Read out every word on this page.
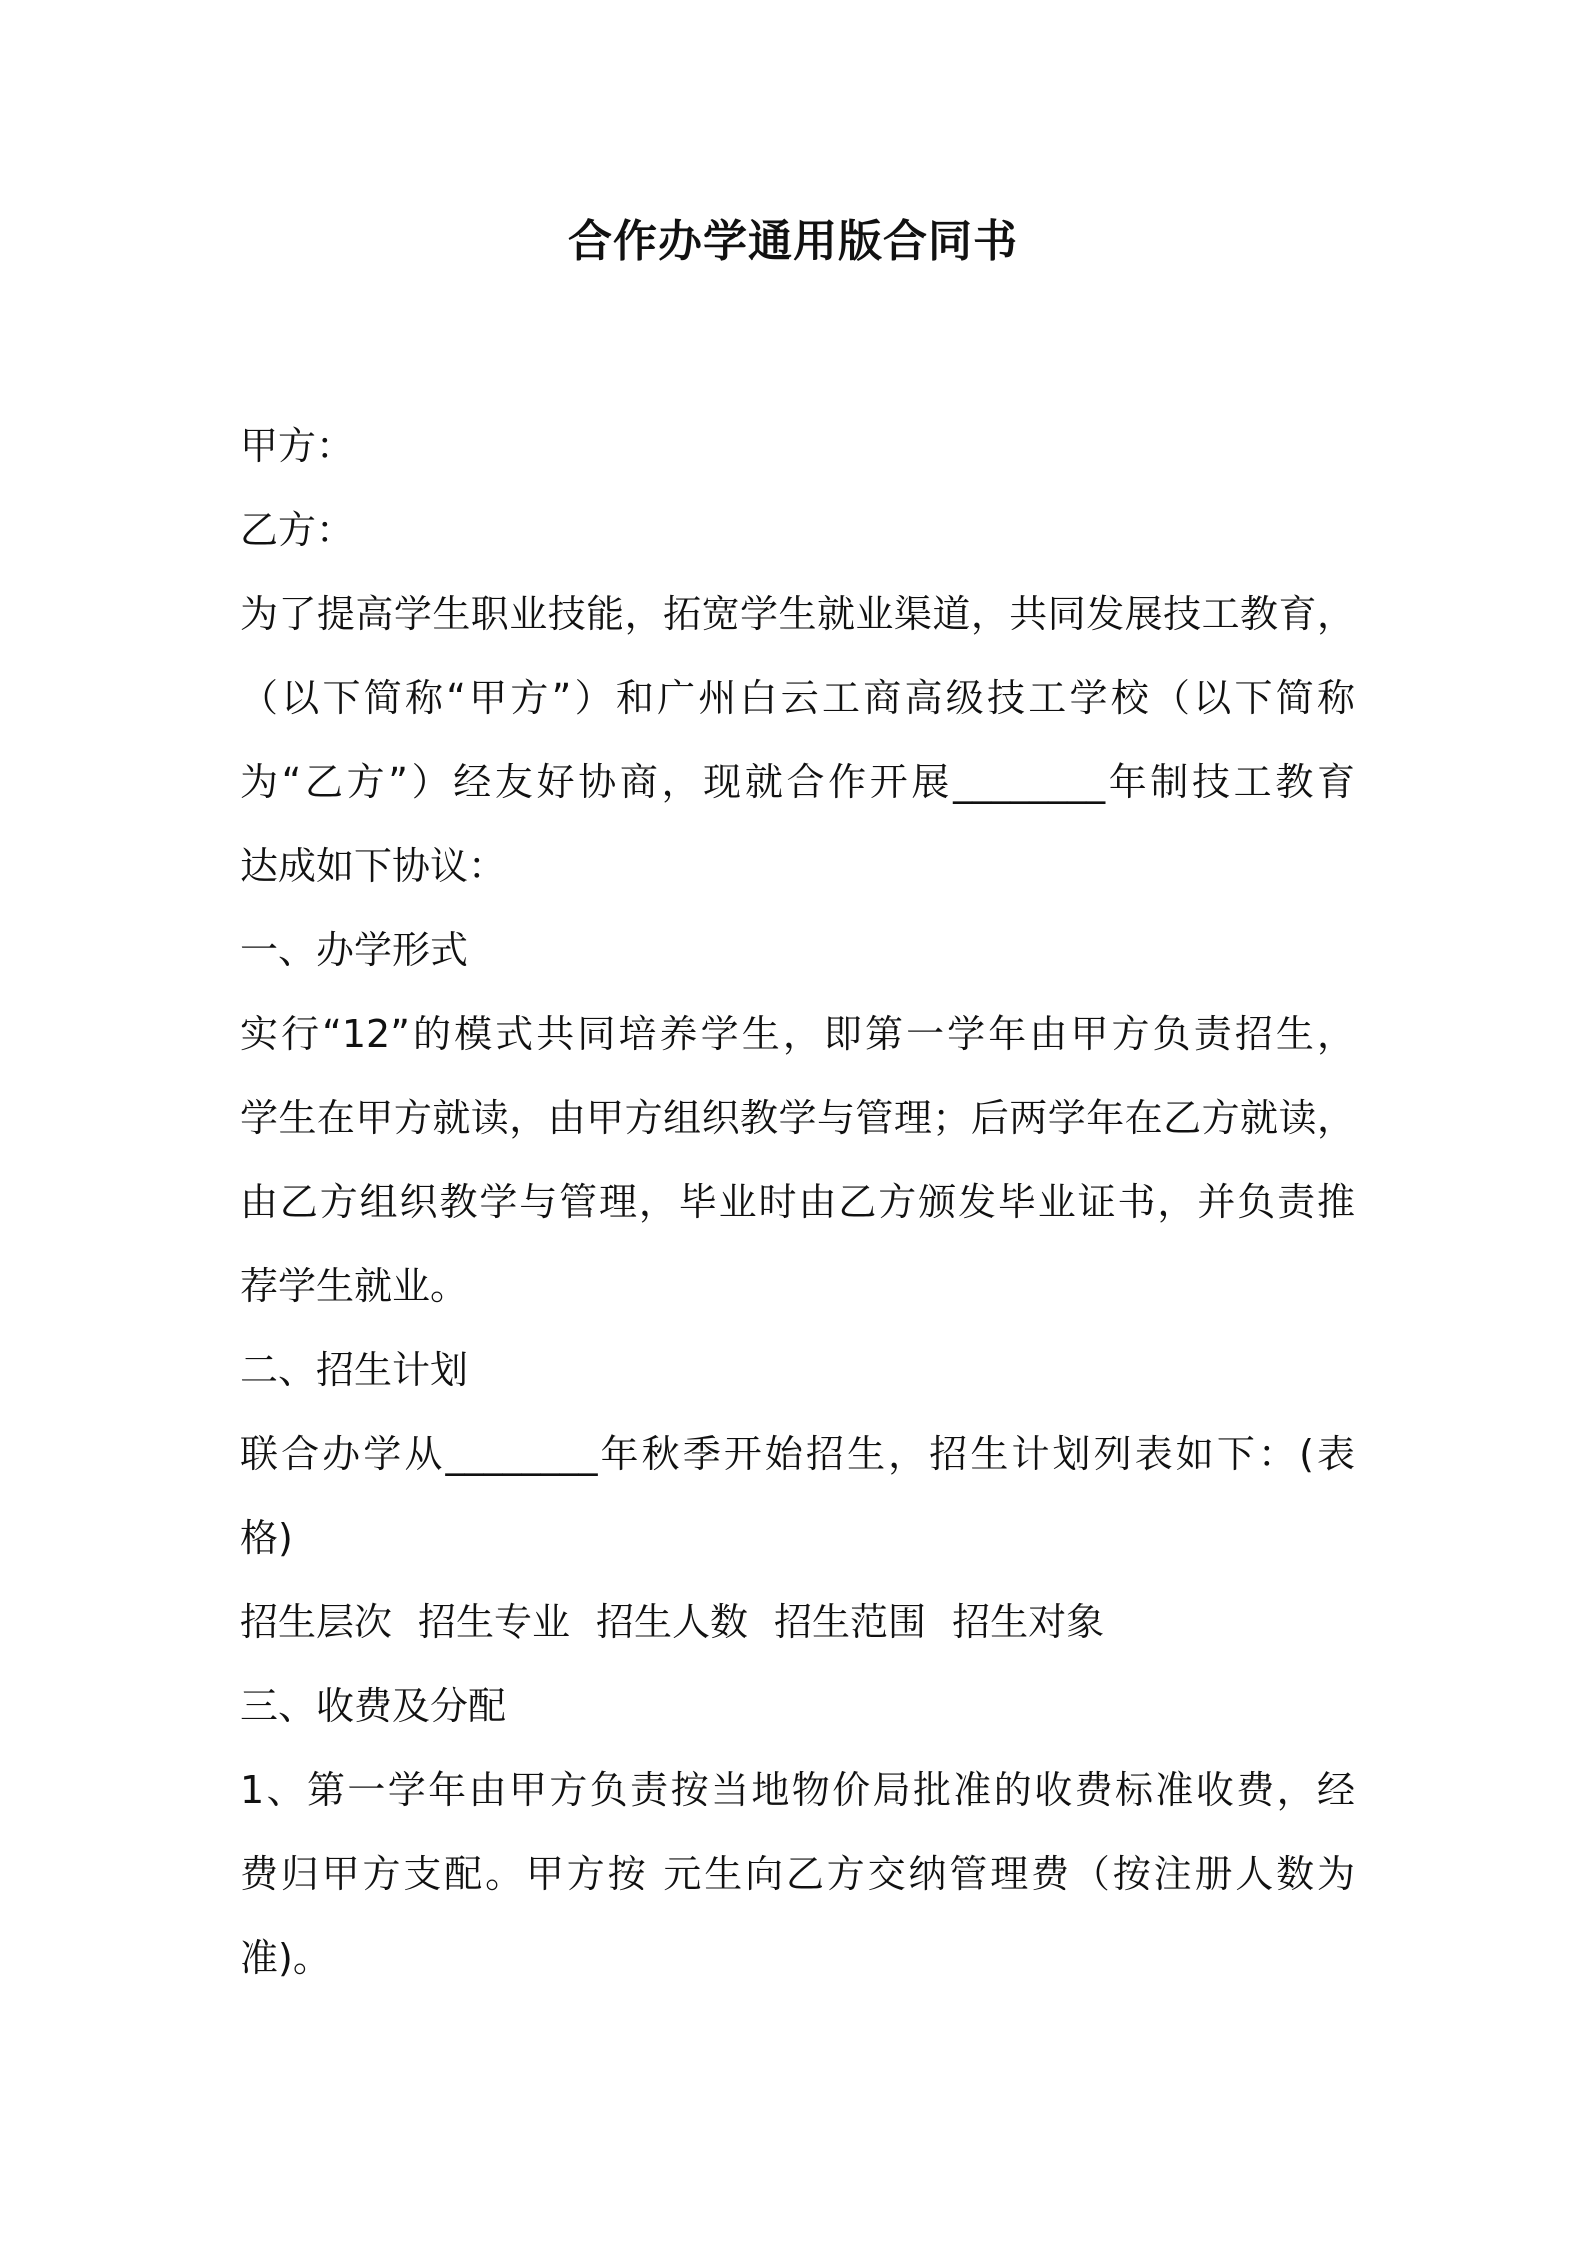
合作办学通用版合同书
甲方：
乙方：
为了提高学生职业技能，拓宽学生就业渠道，共同发展技工教育，
（以下简称“甲方”）和广州白云工商高级技工学校（以下简称
为“乙方”）经友好协商，现就合作开展________年制技工教育
达成如下协议：
一、办学形式
实行“12”的模式共同培养学生，即第一学年由甲方负责招生，
学生在甲方就读，由甲方组织教学与管理；后两学年在乙方就读，
由乙方组织教学与管理，毕业时由乙方颁发毕业证书，并负责推
荐学生就业。
二、招生计划
联合办学从________年秋季开始招生，招生计划列表如下：(表
格)
招生层次 招生专业 招生人数 招生范围 招生对象
三、收费及分配
1、第一学年由甲方负责按当地物价局批准的收费标准收费，经
费归甲方支配。甲方按 元生向乙方交纳管理费（按注册人数为
准)。
